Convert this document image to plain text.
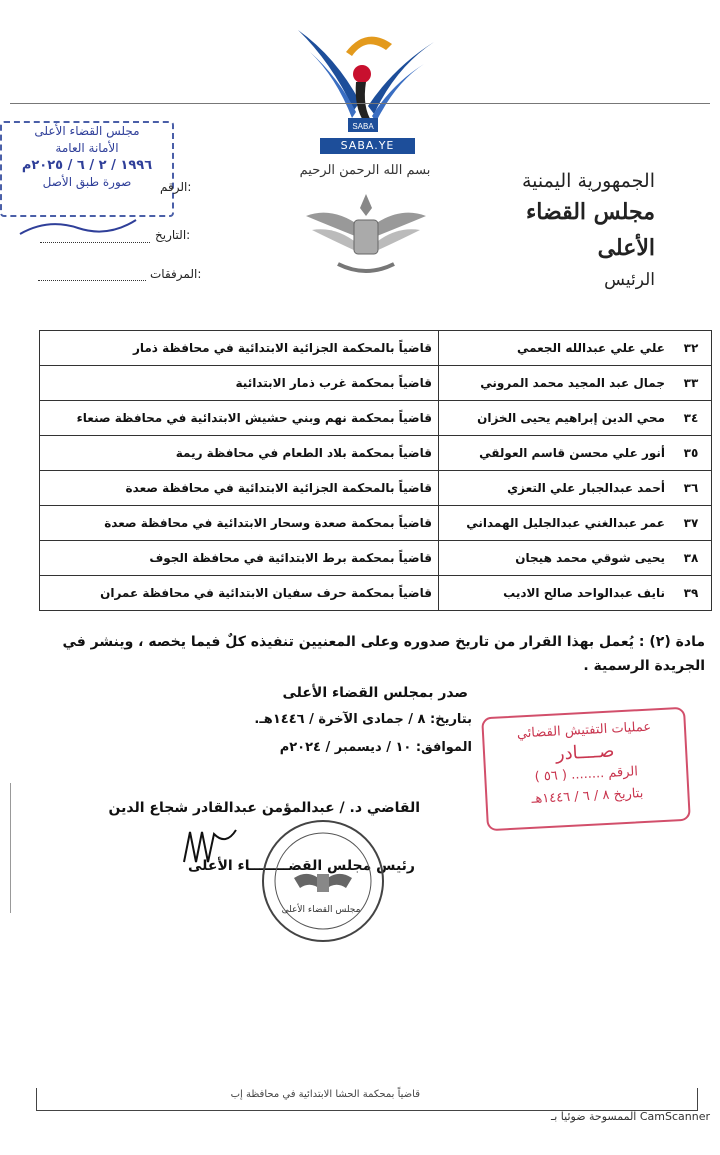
SABA
SABA.YE
مجلس القضاء الأعلى
الأمانة العامة
١٩٩٦ / ٢ / ٦ / ٢٠٢٥م
صورة طبق الأصل	الرقم:
التاريخ:
المرفقات:
بسم الله الرحمن الرحيم	الجمهورية اليمنية
مجلس القضاء الأعلى
الرئيس
٣٢	علي علي عبدالله الجعمي	قاضياً بالمحكمة الجزائية الابتدائية في محافظة ذمار
٣٣	جمال عبد المجيد محمد المروني	قاضياً بمحكمة غرب ذمار الابتدائية
٣٤	محي الدين إبراهيم يحيى الخزان	قاضياً بمحكمة نهم وبني حشيش الابتدائية في محافظة صنعاء
٣٥	أنور علي محسن قاسم العولقي	قاضياً بمحكمة بلاد الطعام في محافظة ريمة
٣٦	أحمد عبدالجبار علي التعزي	قاضياً بالمحكمة الجزائية الابتدائية في محافظة صعدة
٣٧	عمر عبدالغني عبدالجليل الهمداني	قاضياً بمحكمة صعدة وسحار الابتدائية في محافظة صعدة
٣٨	يحيى شوقي محمد هيجان	قاضياً بمحكمة برط الابتدائية في محافظة الجوف
٣٩	نايف عبدالواحد صالح الاديب	قاضياً بمحكمة حرف سفيان الابتدائية في محافظة عمران
مادة (٢) : يُعمل بهذا القرار من تاريخ صدوره وعلى المعنيين تنفيذه كلٌ فيما يخصه ، وينشر في
الجريدة الرسمية .
صدر بمجلس القضاء الأعلى
بتاريخ: ٨ / جمادى الآخرة / ١٤٤٦هـ.
الموافق: ١٠ / ديسمبر / ٢٠٢٤م
عمليات التفتيش القضائي
صــــادر
الرقم ........ ( ٥٦ )
بتاريخ ٨ / ٦ / ١٤٤٦هـ
القاضي د. / عبدالمؤمن عبدالقادر شجاع الدين
رئيس مجلس القضــــــــاء الأعلى
مجلس القضاء الأعلى
قاضياً بمحكمة الحشا الابتدائية في محافظة إب
الممسوحة ضوئيا بـ CamScanner
